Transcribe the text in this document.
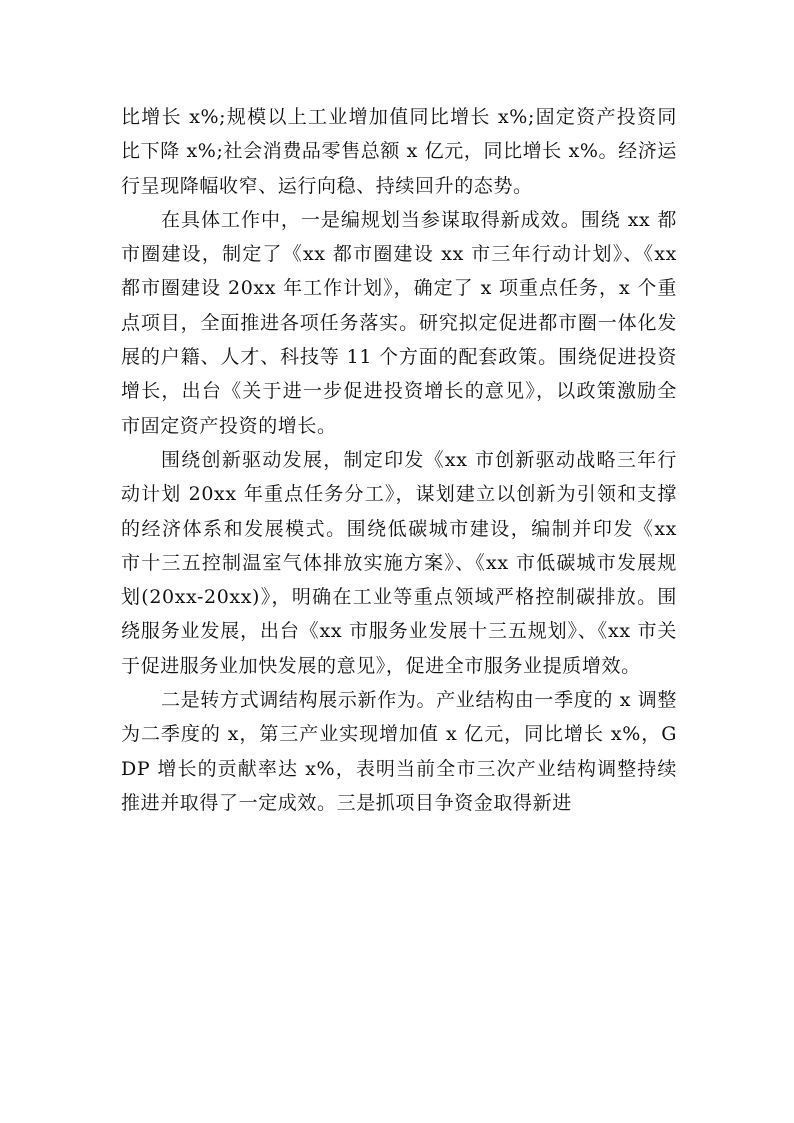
比增长 x%;规模以上工业增加值同比增长 x%;固定资产投资同比下降 x%;社会消费品零售总额 x 亿元，同比增长 x%。经济运行呈现降幅收窄、运行向稳、持续回升的态势。

在具体工作中，一是编规划当参谋取得新成效。围绕 xx 都市圈建设，制定了《xx 都市圈建设 xx 市三年行动计划》、《xx 都市圈建设 20xx 年工作计划》，确定了 x 项重点任务，x 个重点项目，全面推进各项任务落实。研究拟定促进都市圈一体化发展的户籍、人才、科技等 11 个方面的配套政策。围绕促进投资增长，出台《关于进一步促进投资增长的意见》，以政策激励全市固定资产投资的增长。

围绕创新驱动发展，制定印发《xx 市创新驱动战略三年行动计划 20xx 年重点任务分工》，谋划建立以创新为引领和支撑的经济体系和发展模式。围绕低碳城市建设，编制并印发《xx 市十三五控制温室气体排放实施方案》、《xx 市低碳城市发展规划(20xx-20xx)》，明确在工业等重点领域严格控制碳排放。围绕服务业发展，出台《xx 市服务业发展十三五规划》、《xx 市关于促进服务业加快发展的意见》，促进全市服务业提质增效。

二是转方式调结构展示新作为。产业结构由一季度的 x 调整为二季度的 x，第三产业实现增加值 x 亿元，同比增长 x%，GDP 增长的贡献率达 x%，表明当前全市三次产业结构调整持续推进并取得了一定成效。三是抓项目争资金取得新进
